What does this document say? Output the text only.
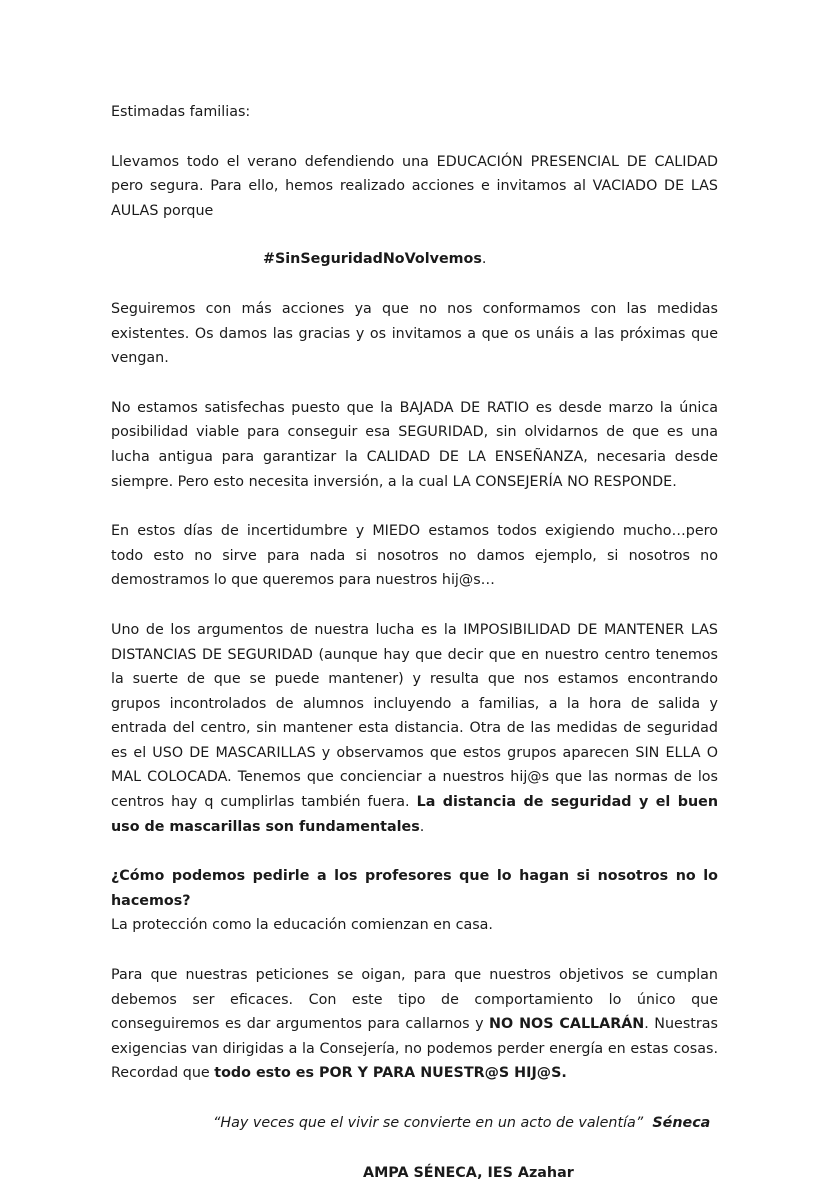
Estimadas familias:

Llevamos todo el verano defendiendo una EDUCACIÓN PRESENCIAL DE CALIDAD pero segura. Para ello, hemos realizado acciones e invitamos al VACIADO DE LAS AULAS porque

#SinSeguridadNoVolvemos.

Seguiremos con más acciones ya que no nos conformamos con las medidas existentes. Os damos las gracias y os invitamos a que os unáis a las próximas que vengan.

No estamos satisfechas puesto que la BAJADA DE RATIO es desde marzo la única posibilidad viable para conseguir esa SEGURIDAD, sin olvidarnos de que es una lucha antigua para garantizar la CALIDAD DE LA ENSEÑANZA, necesaria desde siempre. Pero esto necesita inversión, a la cual LA CONSEJERÍA NO RESPONDE.

En estos días de incertidumbre y MIEDO estamos todos exigiendo mucho…pero todo esto no sirve para nada si nosotros no damos ejemplo, si nosotros no demostramos lo que queremos para nuestros hij@s…

Uno de los argumentos de nuestra lucha es la IMPOSIBILIDAD DE MANTENER LAS DISTANCIAS DE SEGURIDAD (aunque hay que decir que en nuestro centro tenemos la suerte de que se puede mantener) y resulta que nos estamos encontrando grupos incontrolados de alumnos incluyendo a familias, a la hora de salida y entrada del centro, sin mantener esta distancia. Otra de las medidas de seguridad es el USO DE MASCARILLAS y observamos que estos grupos aparecen SIN ELLA O MAL COLOCADA. Tenemos que concienciar a nuestros hij@s que las normas de los centros hay q cumplirlas también fuera. La distancia de seguridad y el buen uso de mascarillas son fundamentales.

¿Cómo podemos pedirle a los profesores que lo hagan si nosotros no lo hacemos?

La protección como la educación comienzan en casa.

Para que nuestras peticiones se oigan, para que nuestros objetivos se cumplan debemos ser eficaces. Con este tipo de comportamiento lo único que conseguiremos es dar argumentos para callarnos y NO NOS CALLARÁN. Nuestras exigencias van dirigidas a la Consejería, no podemos perder energía en estas cosas. Recordad que todo esto es POR Y PARA NUESTR@S HIJ@S.

“Hay veces que el vivir se convierte en un acto de valentía” Séneca
AMPA SÉNECA, IES Azahar
